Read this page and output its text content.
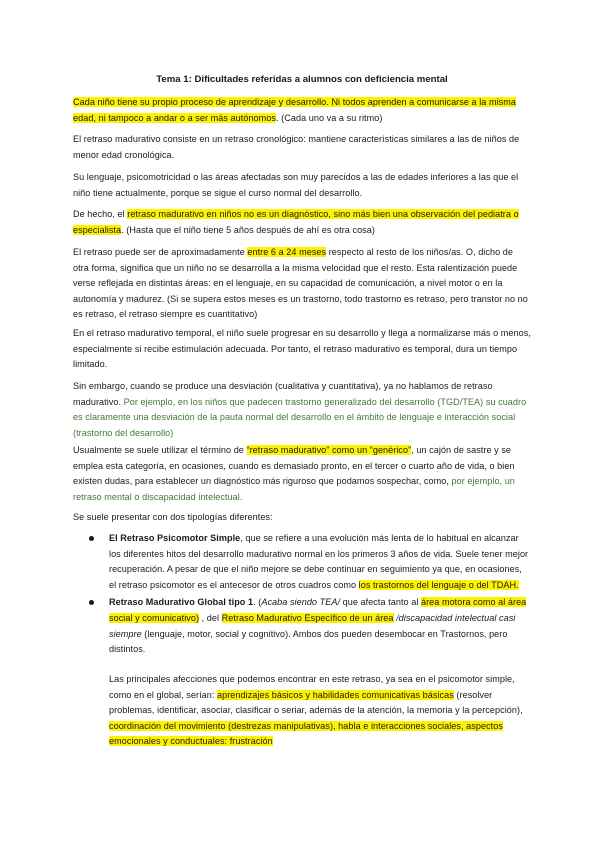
Tema 1: Dificultades referidas a alumnos con deficiencia mental

Cada niño tiene su propio proceso de aprendizaje y desarrollo. Ni todos aprenden a comunicarse a la misma edad, ni tampoco a andar o a ser más autónomos. (Cada uno va a su ritmo)

El retraso madurativo consiste en un retraso cronológico: mantiene características similares a las de niños de menor edad cronológica.

Su lenguaje, psicomotricidad o las áreas afectadas son muy parecidos a las de edades inferiores a las que el niño tiene actualmente, porque se sigue el curso normal del desarrollo.

De hecho, el retraso madurativo en niños no es un diagnóstico, sino más bien una observación del pediatra o especialista. (Hasta que el niño tiene 5 años después de ahí es otra cosa)

El retraso puede ser de aproximadamente entre 6 a 24 meses respecto al resto de los niños/as. O, dicho de otra forma, significa que un niño no se desarrolla a la misma velocidad que el resto. Esta ralentización puede verse reflejada en distintas áreas: en el lenguaje, en su capacidad de comunicación, a nivel motor o en la autonomía y madurez. (Si se supera estos meses es un trastorno, todo trastorno es retraso, pero transtor no no es retraso, el retraso siempre es cuantitativo)

En el retraso madurativo temporal, el niño suele progresar en su desarrollo y llega a normalizarse más o menos, especialmente si recibe estimulación adecuada. Por tanto, el retraso madurativo es temporal, dura un tiempo limitado.

Sin embargo, cuando se produce una desviación (cualitativa y cuantitativa), ya no hablamos de retraso madurativo. Por ejemplo, en los niños que padecen trastorno generalizado del desarrollo (TGD/TEA) su cuadro es claramente una desviación de la pauta normal del desarrollo en el ámbito de lenguaje e interacción social (trastorno del desarrollo)

Usualmente se suele utilizar el término de “retraso madurativo” como un “genérico”, un cajón de sastre y se emplea esta categoría, en ocasiones, cuando es demasiado pronto, en el tercer o cuarto año de vida, o bien existen dudas, para establecer un diagnóstico más riguroso que podamos sospechar, como, por ejemplo, un retraso mental o discapacidad intelectual.

Se suele presentar con dos tipologías diferentes:

El Retraso Psicomotor Simple, que se refiere a una evolución más lenta de lo habitual en alcanzar los diferentes hitos del desarrollo madurativo normal en los primeros 3 años de vida. Suele tener mejor recuperación. A pesar de que el niño mejore se debe continuar en seguimiento ya que, en ocasiones, el retraso psicomotor es el antecesor de otros cuadros como los trastornos del lenguaje o del TDAH.
Retraso Madurativo Global tipo 1. (Acaba siendo TEA/ que afecta tanto al área motora como al área social y comunicativo) , del Retraso Madurativo Específico de un área /discapacidad intelectual casi siempre (lenguaje, motor, social y cognitivo). Ambos dos pueden desembocar en Trastornos, pero distintos.

Las principales afecciones que podemos encontrar en este retraso, ya sea en el psicomotor simple, como en el global, serían: aprendizajes básicos y habilidades comunicativas básicas (resolver problemas, identificar, asociar, clasificar o seriar, además de la atención, la memoria y la percepción), coordinación del movimiento (destrezas manipulativas), habla e interacciones sociales, aspectos emocionales y conductuales: frustración
